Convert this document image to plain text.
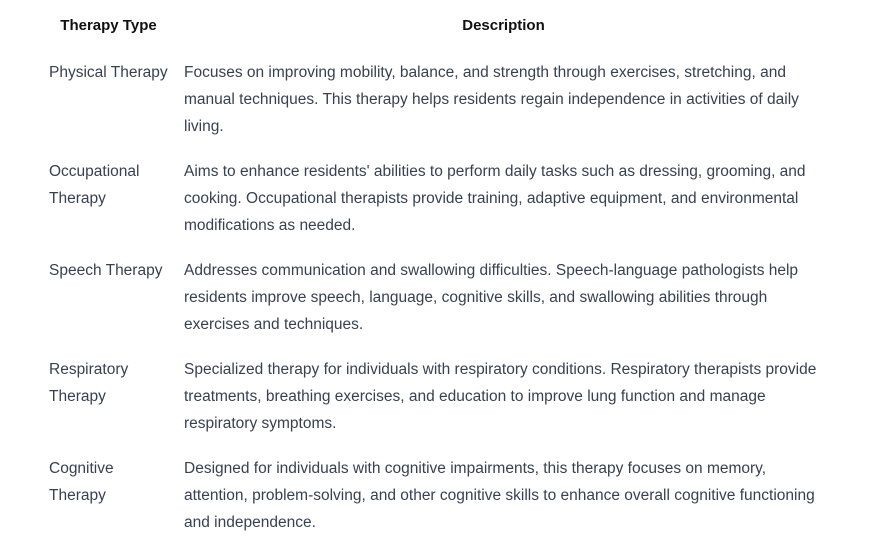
Therapy Type	Description
Physical Therapy	Focuses on improving mobility, balance, and strength through exercises, stretching, and manual techniques. This therapy helps residents regain independence in activities of daily living.
Occupational Therapy	Aims to enhance residents' abilities to perform daily tasks such as dressing, grooming, and cooking. Occupational therapists provide training, adaptive equipment, and environmental modifications as needed.
Speech Therapy	Addresses communication and swallowing difficulties. Speech-language pathologists help residents improve speech, language, cognitive skills, and swallowing abilities through exercises and techniques.
Respiratory Therapy	Specialized therapy for individuals with respiratory conditions. Respiratory therapists provide treatments, breathing exercises, and education to improve lung function and manage respiratory symptoms.
Cognitive Therapy	Designed for individuals with cognitive impairments, this therapy focuses on memory, attention, problem-solving, and other cognitive skills to enhance overall cognitive functioning and independence.
